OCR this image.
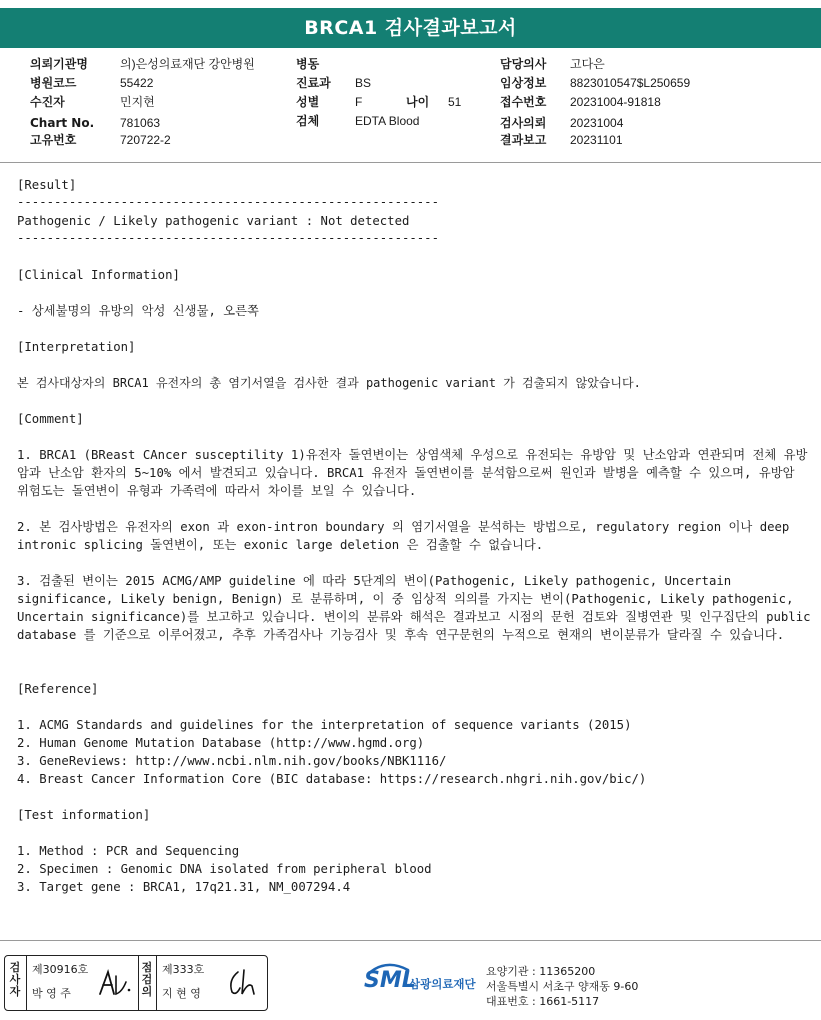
BRCA1 검사결과보고서
의뢰기관명	의)은성의료재단 강안병원
병원코드	55422
수진자	민지현
Chart No. 781063
고유번호	720722-2
병동
진료과 BS
성별	F	나이 51
검체	EDTA Blood
담당의사 고다은
임상정보 8823010547$L250659
접수번호 20231004-91818
검사의뢰 20231004
결과보고 20231101
[Result]
---------------------------------------------------------
Pathogenic / Likely pathogenic variant : Not detected
---------------------------------------------------------
[Clinical Information]
- 상세불명의 유방의 악성 신생물, 오른쪽
[Interpretation]
본 검사대상자의 BRCA1 유전자의 총 염기서열을 검사한 결과 pathogenic variant 가 검출되지 않았습니다.
[Comment]
1. BRCA1 (BReast CAncer susceptility 1)유전자 돌연변이는 상염색체 우성으로 유전되는 유방암 및 난소암과 연관되며 전체 유방암과 난소암 환자의 5~10% 에서 발견되고 있습니다. BRCA1 유전자 돌연변이를 분석함으로써 원인과 발병을 예측할 수 있으며, 유방암 위험도는 돌연변이 유형과 가족력에 따라서 차이를 보일 수 있습니다.
2. 본 검사방법은 유전자의 exon 과 exon-intron boundary 의 염기서열을 분석하는 방법으로, regulatory region 이나 deep intronic splicing 돌연변이, 또는 exonic large deletion 은 검출할 수 없습니다.
3. 검출된 변이는 2015 ACMG/AMP guideline 에 따라 5단계의 변이(Pathogenic, Likely pathogenic, Uncertain significance, Likely benign, Benign) 로 분류하며, 이 중 임상적 의의를 가지는 변이(Pathogenic, Likely pathogenic, Uncertain significance)를 보고하고 있습니다. 변이의 분류와 해석은 결과보고 시점의 문헌 검토와 질병연관 및 인구집단의 public database 를 기준으로 이루어졌고, 추후 가족검사나 기능검사 및 후속 연구문헌의 누적으로 현재의 변이분류가 달라질 수 있습니다.
[Reference]
1. ACMG Standards and guidelines for the interpretation of sequence variants (2015)
2. Human Genome Mutation Database (http://www.hgmd.org)
3. GeneReviews: http://www.ncbi.nlm.nih.gov/books/NBK1116/
4. Breast Cancer Information Core (BIC database: https://research.nhgri.nih.gov/bic/)
[Test information]
1. Method : PCR and Sequencing
2. Specimen : Genomic DNA isolated from peripheral blood
3. Target gene : BRCA1, 17q21.31, NM_007294.4
검
사
자
제30916호
박 영 주
점
검
의
제333호
지 현 영
SML
삼광의료재단
요양기관 : 11365200
서울특별시 서초구 양재동 9-60
대표번호 : 1661-5117
